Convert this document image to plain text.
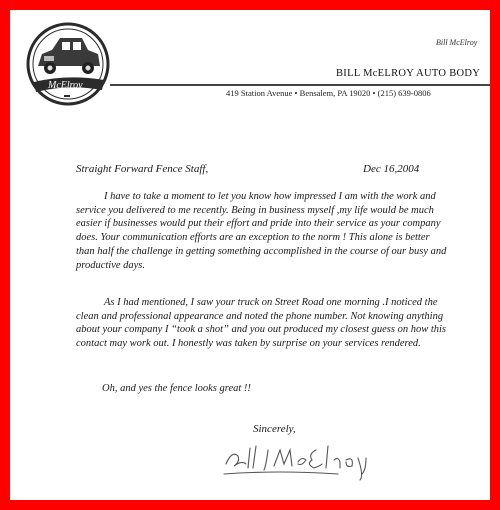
McElroy
Bill McElroy
BILL McELROY AUTO BODY
419 Station Avenue • Bensalem, PA 19020 • (215) 639-0806
Straight Forward Fence Staff,	Dec 16,2004

I have to take a moment to let you know how impressed I am with the work and service you delivered to me recently. Being in business myself ,my life would be much easier if businesses would put their effort and pride into their service as your company does. Your communication efforts are an exception to the norm ! This alone is better than half the challenge in getting something accomplished in the course of our busy and productive days.

As I had mentioned, I saw your truck on Street Road one morning .I noticed the clean and professional appearance and noted the phone number. Not knowing anything about your company I “took a shot” and you out produced my closest guess on how this contact may work out. I honestly was taken by surprise on your services rendered.

Oh, and yes the fence looks great !!

Sincerely,
